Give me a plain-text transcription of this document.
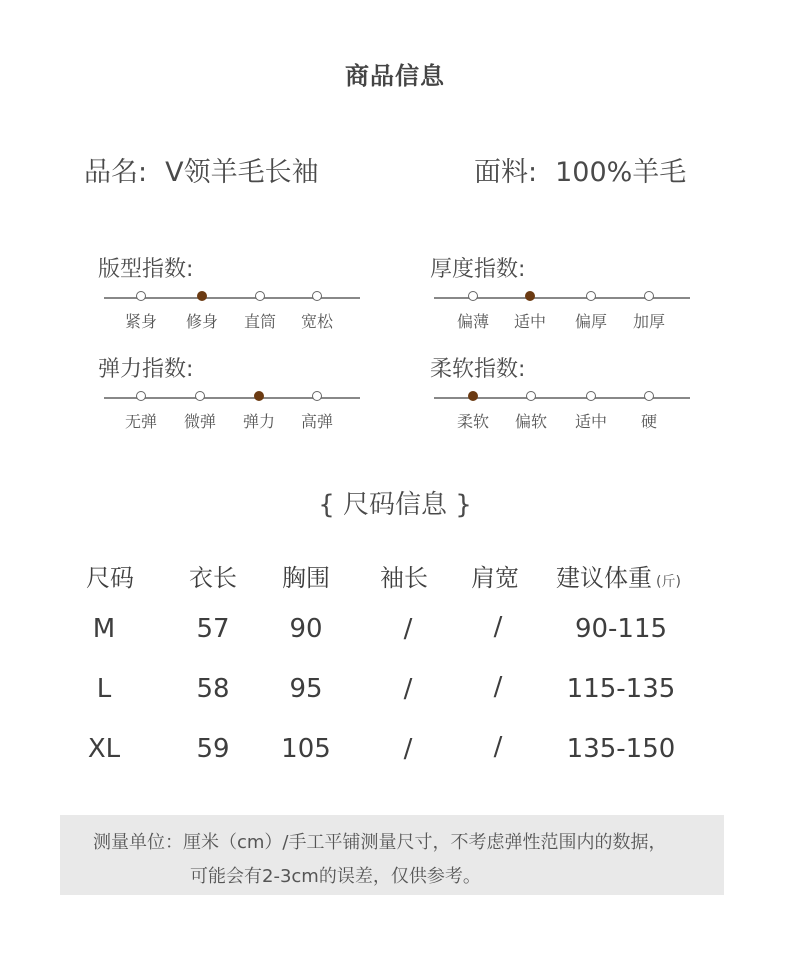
商品信息
品名: V领羊毛长袖	面料: 100%羊毛
版型指数:
紧身	修身	直筒	宽松
厚度指数:
偏薄	适中	偏厚	加厚
弹力指数:
无弹	微弹	弹力	高弹
柔软指数:
柔软	偏软	适中	硬
{ 尺码信息 }
尺码	衣长	胸围	袖长	肩宽	建议体重 (斤)
M	57	90	/	/	90-115
L	58	95	/	/	115-135
XL	59	105	/	/	135-150
测量单位：厘米（cm）/手工平铺测量尺寸，不考虑弹性范围内的数据，
可能会有2-3cm的误差，仅供参考。
